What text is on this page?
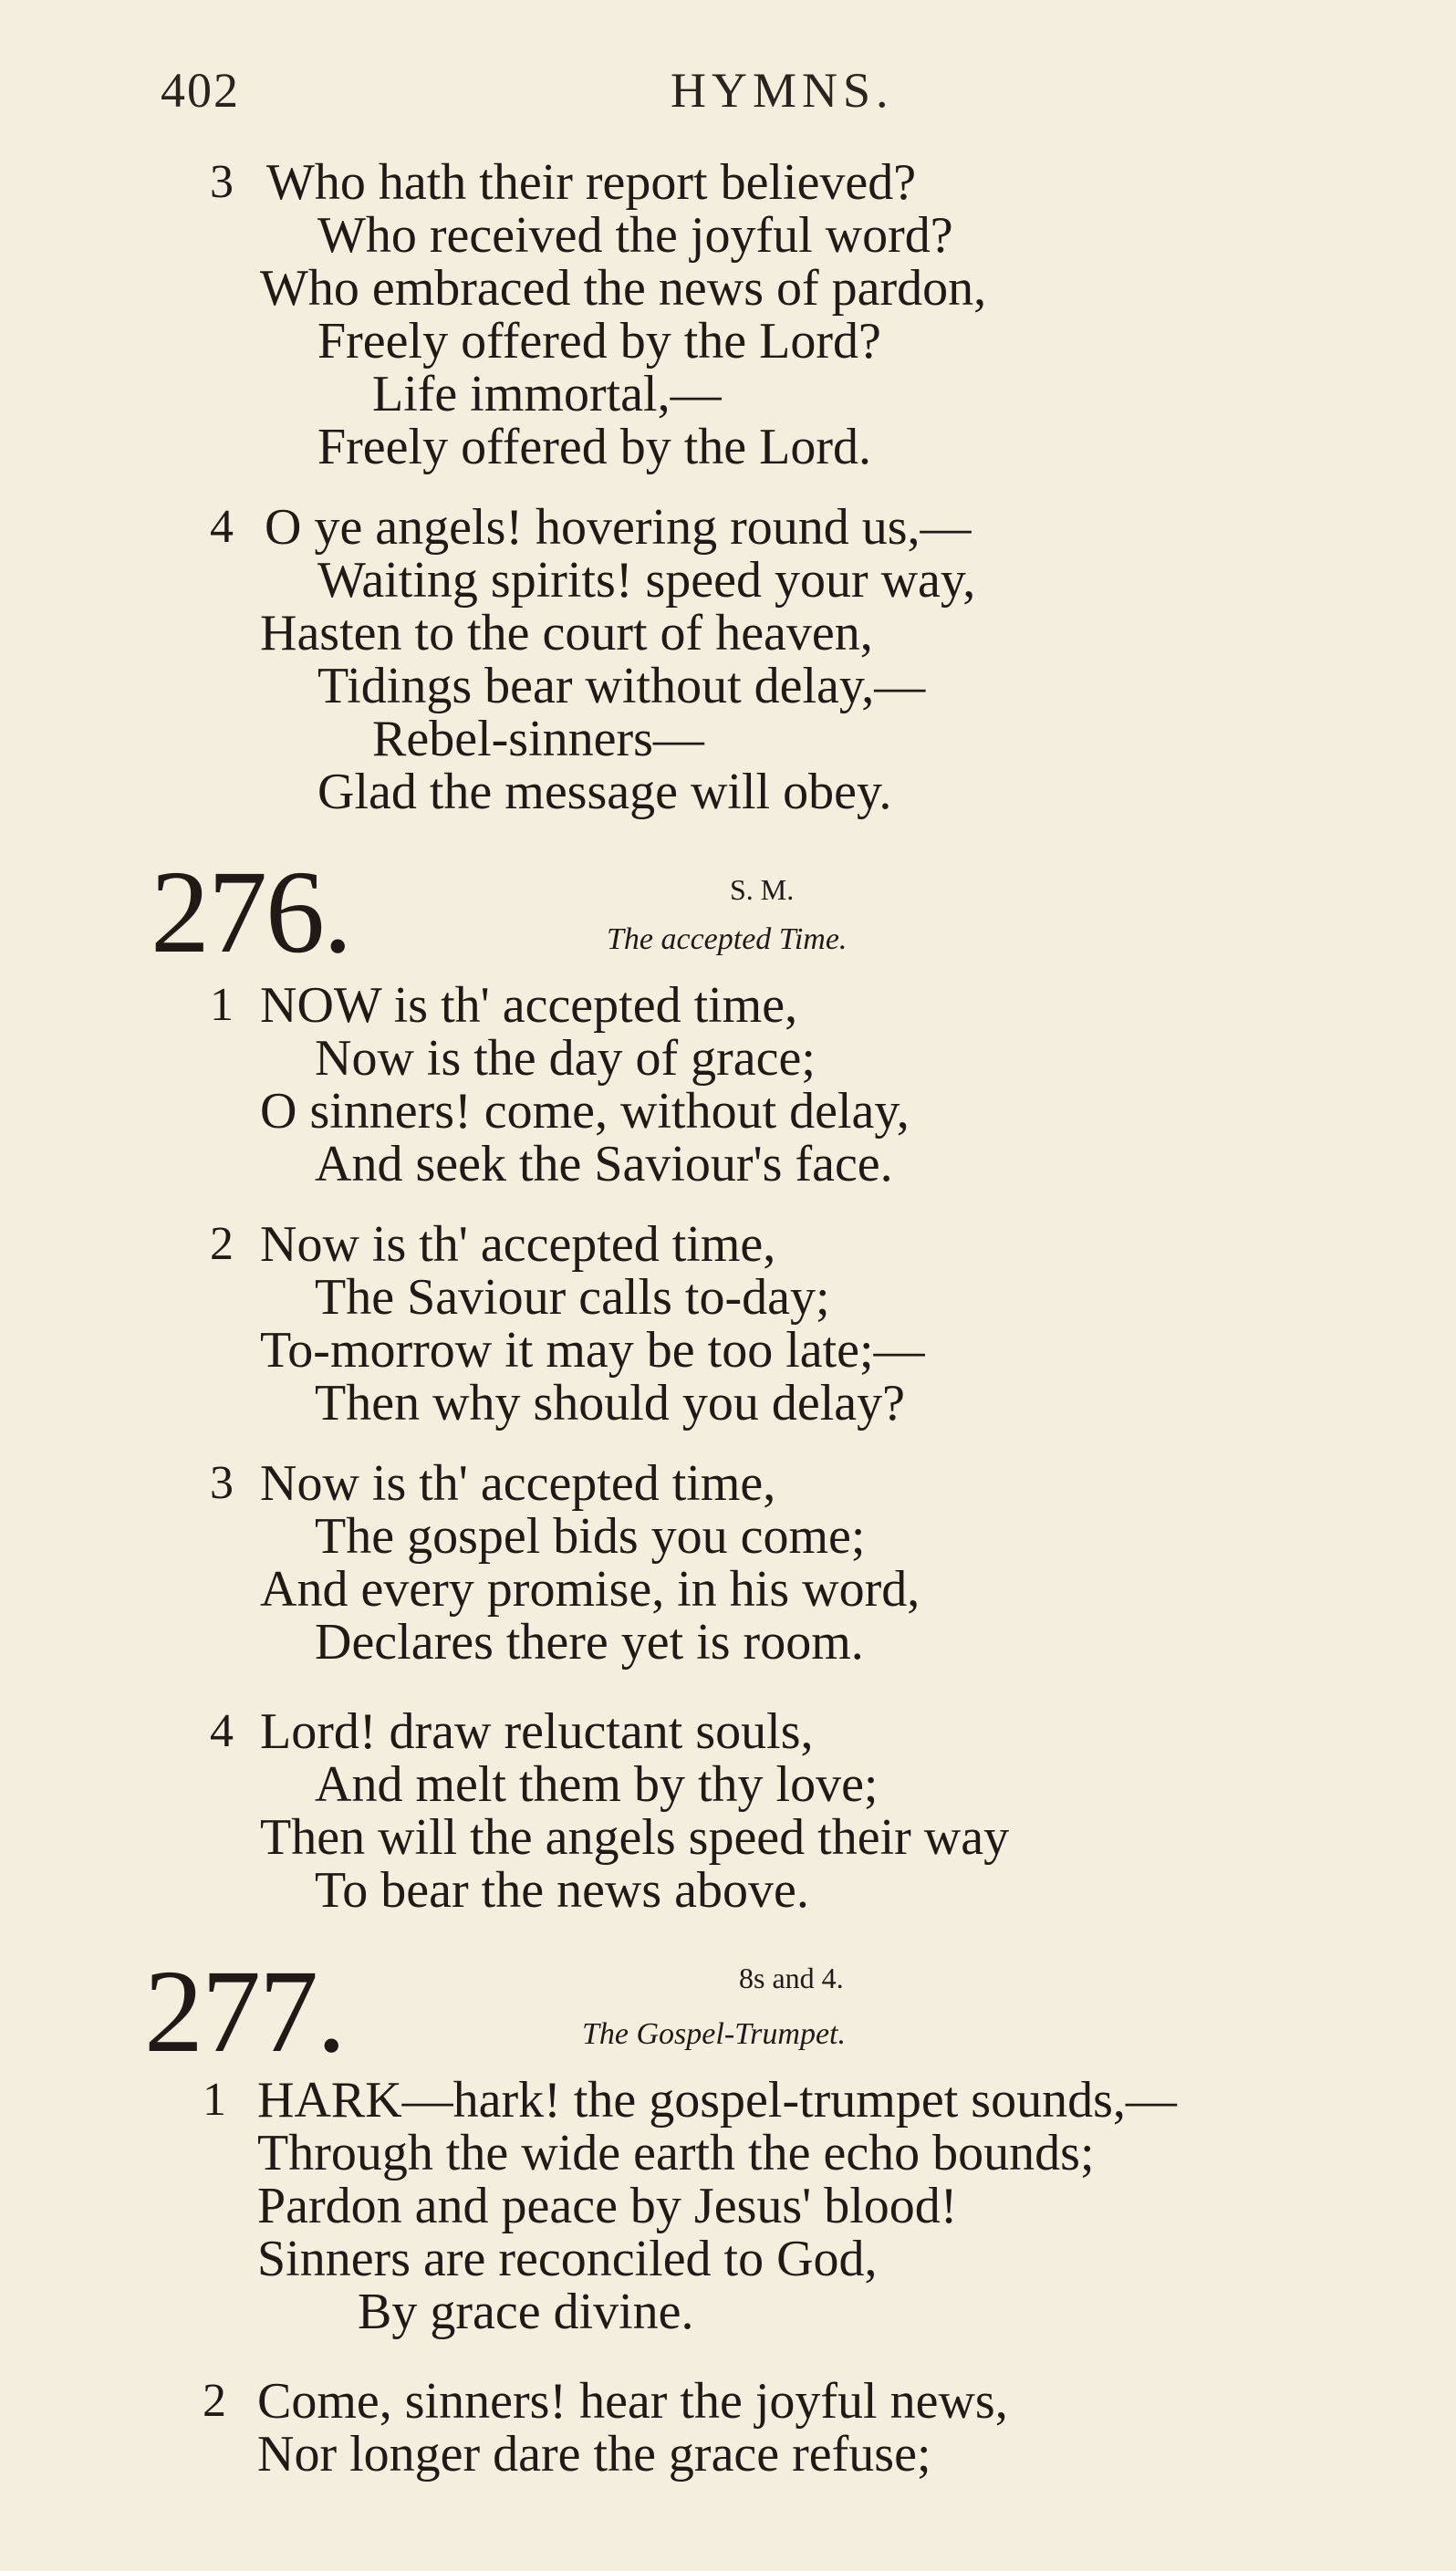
402	HYMNS.
3 Who hath their report believed?
Who received the joyful word?
Who embraced the news of pardon,
Freely offered by the Lord?
Life immortal,—
Freely offered by the Lord.
4 O ye angels! hovering round us,—
Waiting spirits! speed your way,
Hasten to the court of heaven,
Tidings bear without delay,—
Rebel-sinners—
Glad the message will obey.
276.	S. M.
The accepted Time.
1 NOW is th' accepted time,
Now is the day of grace;
O sinners! come, without delay,
And seek the Saviour's face.
2 Now is th' accepted time,
The Saviour calls to-day;
To-morrow it may be too late;—
Then why should you delay?
3 Now is th' accepted time,
The gospel bids you come;
And every promise, in his word,
Declares there yet is room.
4 Lord! draw reluctant souls,
And melt them by thy love;
Then will the angels speed their way
To bear the news above.
277.	8s and 4.
The Gospel-Trumpet.
1 HARK—hark! the gospel-trumpet sounds,—
Through the wide earth the echo bounds;
Pardon and peace by Jesus' blood!
Sinners are reconciled to God,
By grace divine.
2 Come, sinners! hear the joyful news,
Nor longer dare the grace refuse;
